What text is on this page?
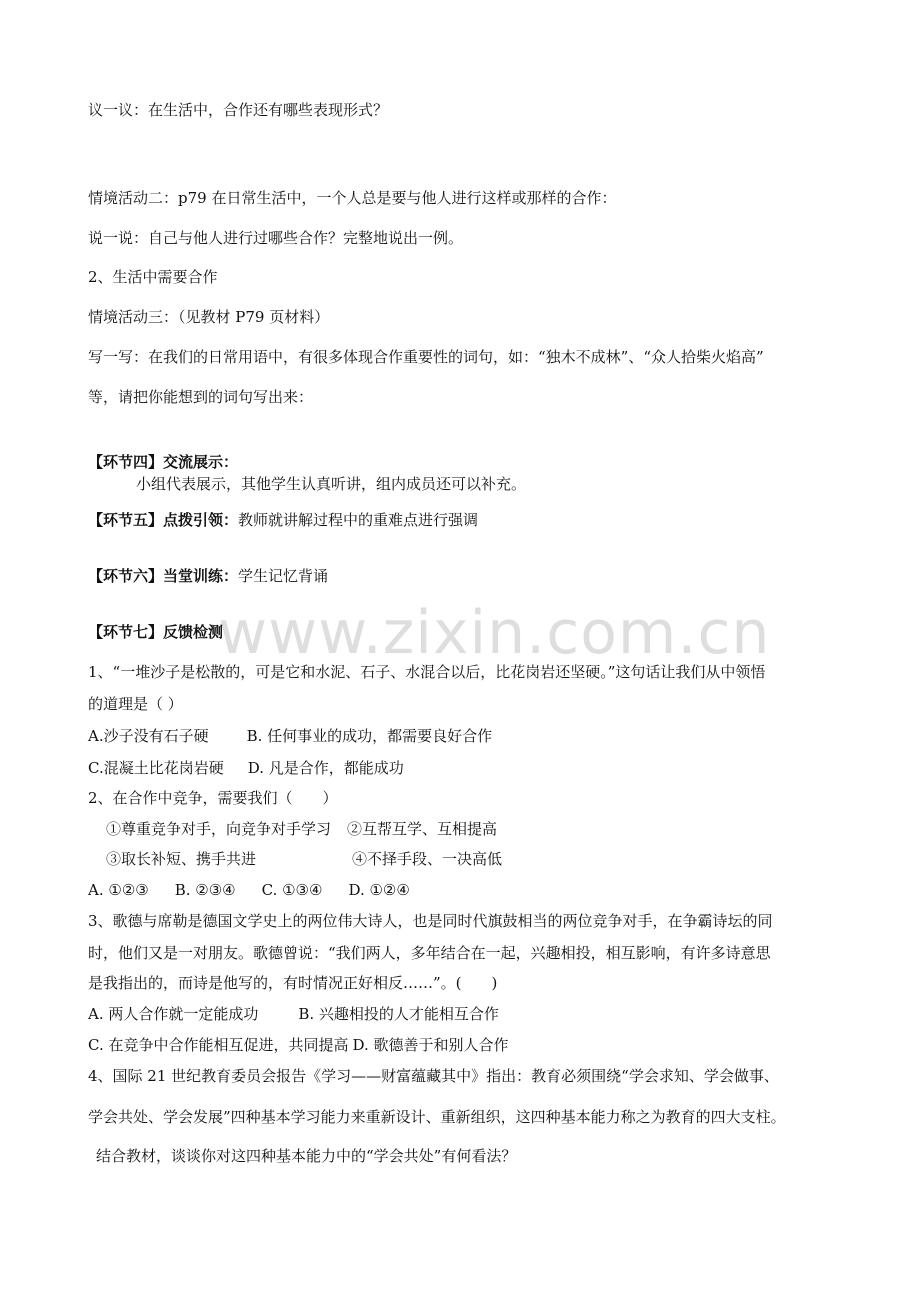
www.zixin.com.cn
议一议：在生活中，合作还有哪些表现形式？
情境活动二：p79 在日常生活中，一个人总是要与他人进行这样或那样的合作：
说一说：自己与他人进行过哪些合作？完整地说出一例。
2、生活中需要合作
情境活动三：（见教材 P79 页材料）
写一写：在我们的日常用语中，有很多体现合作重要性的词句，如：“独木不成林”、“众人拾柴火焰高”
等，请把你能想到的词句写出来：
【环节四】交流展示：
小组代表展示，其他学生认真听讲，组内成员还可以补充。
【环节五】点拨引领：教师就讲解过程中的重难点进行强调
【环节六】当堂训练：学生记忆背诵
【环节七】反馈检测
1、“一堆沙子是松散的，可是它和水泥、石子、水混合以后，比花岗岩还坚硬。”这句话让我们从中领悟
的道理是（ ）
A.沙子没有石子硬	B. 任何事业的成功，都需要良好合作
C.混凝土比花岗岩硬 D. 凡是合作，都能成功
2、在合作中竞争，需要我们（　　）
①尊重竞争对手，向竞争对手学习 ②互帮互学、互相提高
③取长补短、携手共进	④不择手段、一决高低
A. ①②③ B. ②③④ C. ①③④ D. ①②④
3、歌德与席勒是德国文学史上的两位伟大诗人，也是同时代旗鼓相当的两位竞争对手，在争霸诗坛的同
时，他们又是一对朋友。歌德曾说：“我们两人，多年结合在一起，兴趣相投，相互影响，有许多诗意思
是我指出的，而诗是他写的，有时情况正好相反……”。(　　)
A. 两人合作就一定能成功	B. 兴趣相投的人才能相互合作
C. 在竞争中合作能相互促进，共同提高 D. 歌德善于和别人合作
4、国际 21 世纪教育委员会报告《学习——财富蕴藏其中》指出：教育必须围绕“学会求知、学会做事、
学会共处、学会发展”四种基本学习能力来重新设计、重新组织，这四种基本能力称之为教育的四大支柱。
结合教材，谈谈你对这四种基本能力中的“学会共处”有何看法？
